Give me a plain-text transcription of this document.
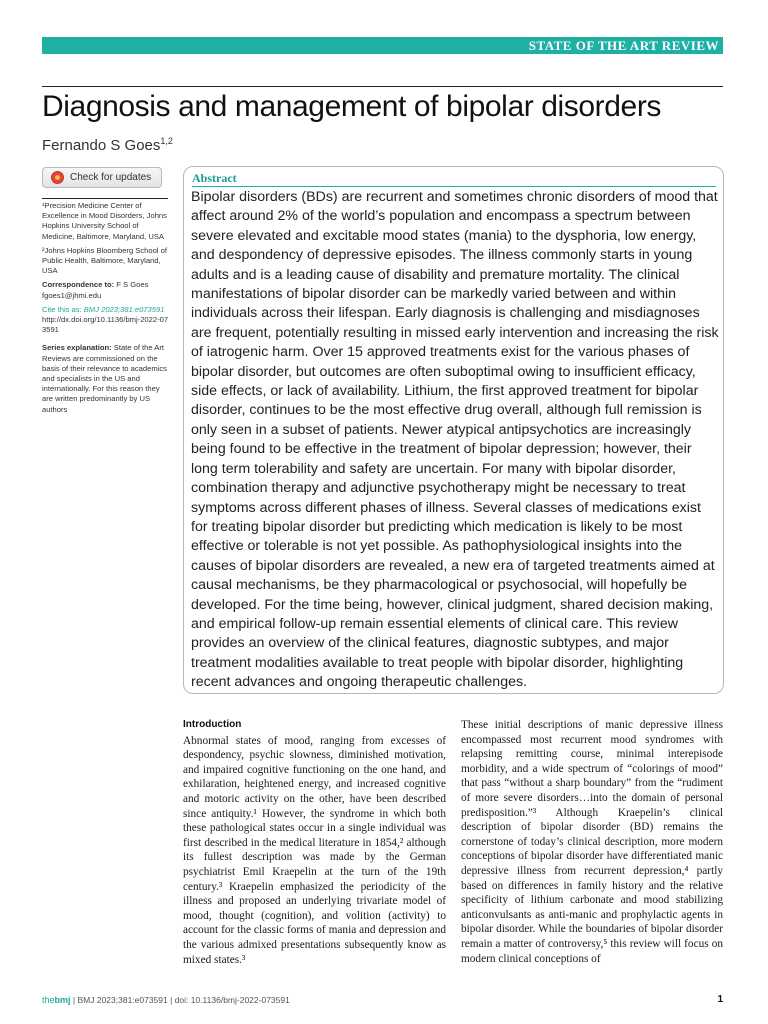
STATE OF THE ART REVIEW
Diagnosis and management of bipolar disorders
Fernando S Goes$^{1,2}$
Check for updates

¹Precision Medicine Center of Excellence in Mood Disorders, Johns Hopkins University School of Medicine, Baltimore, Maryland, USA

²Johns Hopkins Bloomberg School of Public Health, Baltimore, Maryland, USA

Correspondence to: F S Goes

fgoes1@jhmi.edu

Cite this as: BMJ 2023;381:e073591

http://dx.doi.org/10.1136/bmj-2022-073591

Series explanation: State of the Art Reviews are commissioned on the basis of their relevance to academics and specialists in the US and internationally. For this reason they are written predominantly by US authors

Abstract
Bipolar disorders (BDs) are recurrent and sometimes chronic disorders of mood that affect around 2% of the world’s population and encompass a spectrum between severe elevated and excitable mood states (mania) to the dysphoria, low energy, and despondency of depressive episodes. The illness commonly starts in young adults and is a leading cause of disability and premature mortality. The clinical manifestations of bipolar disorder can be markedly varied between and within individuals across their lifespan. Early diagnosis is challenging and misdiagnoses are frequent, potentially resulting in missed early intervention and increasing the risk of iatrogenic harm. Over 15 approved treatments exist for the various phases of bipolar disorder, but outcomes are often suboptimal owing to insufficient efficacy, side effects, or lack of availability. Lithium, the first approved treatment for bipolar disorder, continues to be the most effective drug overall, although full remission is only seen in a subset of patients. Newer atypical antipsychotics are increasingly being found to be effective in the treatment of bipolar depression; however, their long term tolerability and safety are uncertain. For many with bipolar disorder, combination therapy and adjunctive psychotherapy might be necessary to treat symptoms across different phases of illness. Several classes of medications exist for treating bipolar disorder but predicting which medication is likely to be most effective or tolerable is not yet possible. As pathophysiological insights into the causes of bipolar disorders are revealed, a new era of targeted treatments aimed at causal mechanisms, be they pharmacological or psychosocial, will hopefully be developed. For the time being, however, clinical judgment, shared decision making, and empirical follow-up remain essential elements of clinical care. This review provides an overview of the clinical features, diagnostic subtypes, and major treatment modalities available to treat people with bipolar disorder, highlighting recent advances and ongoing therapeutic challenges.
Introduction
Abnormal states of mood, ranging from excesses of despondency, psychic slowness, diminished motivation, and impaired cognitive functioning on the one hand, and exhilaration, heightened energy, and increased cognitive and motoric activity on the other, have been described since antiquity.¹ However, the syndrome in which both these pathological states occur in a single individual was first described in the medical literature in 1854,² although its fullest description was made by the German psychiatrist Emil Kraepelin at the turn of the 19th century.³ Kraepelin emphasized the periodicity of the illness and proposed an underlying trivariate model of mood, thought (cognition), and volition (activity) to account for the classic forms of mania and depression and the various admixed presentations subsequently know as mixed states.³
These initial descriptions of manic depressive illness encompassed most recurrent mood syndromes with relapsing remitting course, minimal interepisode morbidity, and a wide spectrum of “colorings of mood” that pass “without a sharp boundary” from the “rudiment of more severe disorders…into the domain of personal predisposition.”³ Although Kraepelin’s clinical description of bipolar disorder (BD) remains the cornerstone of today’s clinical description, more modern conceptions of bipolar disorder have differentiated manic depressive illness from recurrent depression,⁴ partly based on differences in family history and the relative specificity of lithium carbonate and mood stabilizing anticonvulsants as anti-manic and prophylactic agents in bipolar disorder. While the boundaries of bipolar disorder remain a matter of controversy,⁵ this review will focus on modern clinical conceptions of
thebmj | BMJ 2023;381:e073591 | doi: 10.1136/bmj-2022-073591	1
